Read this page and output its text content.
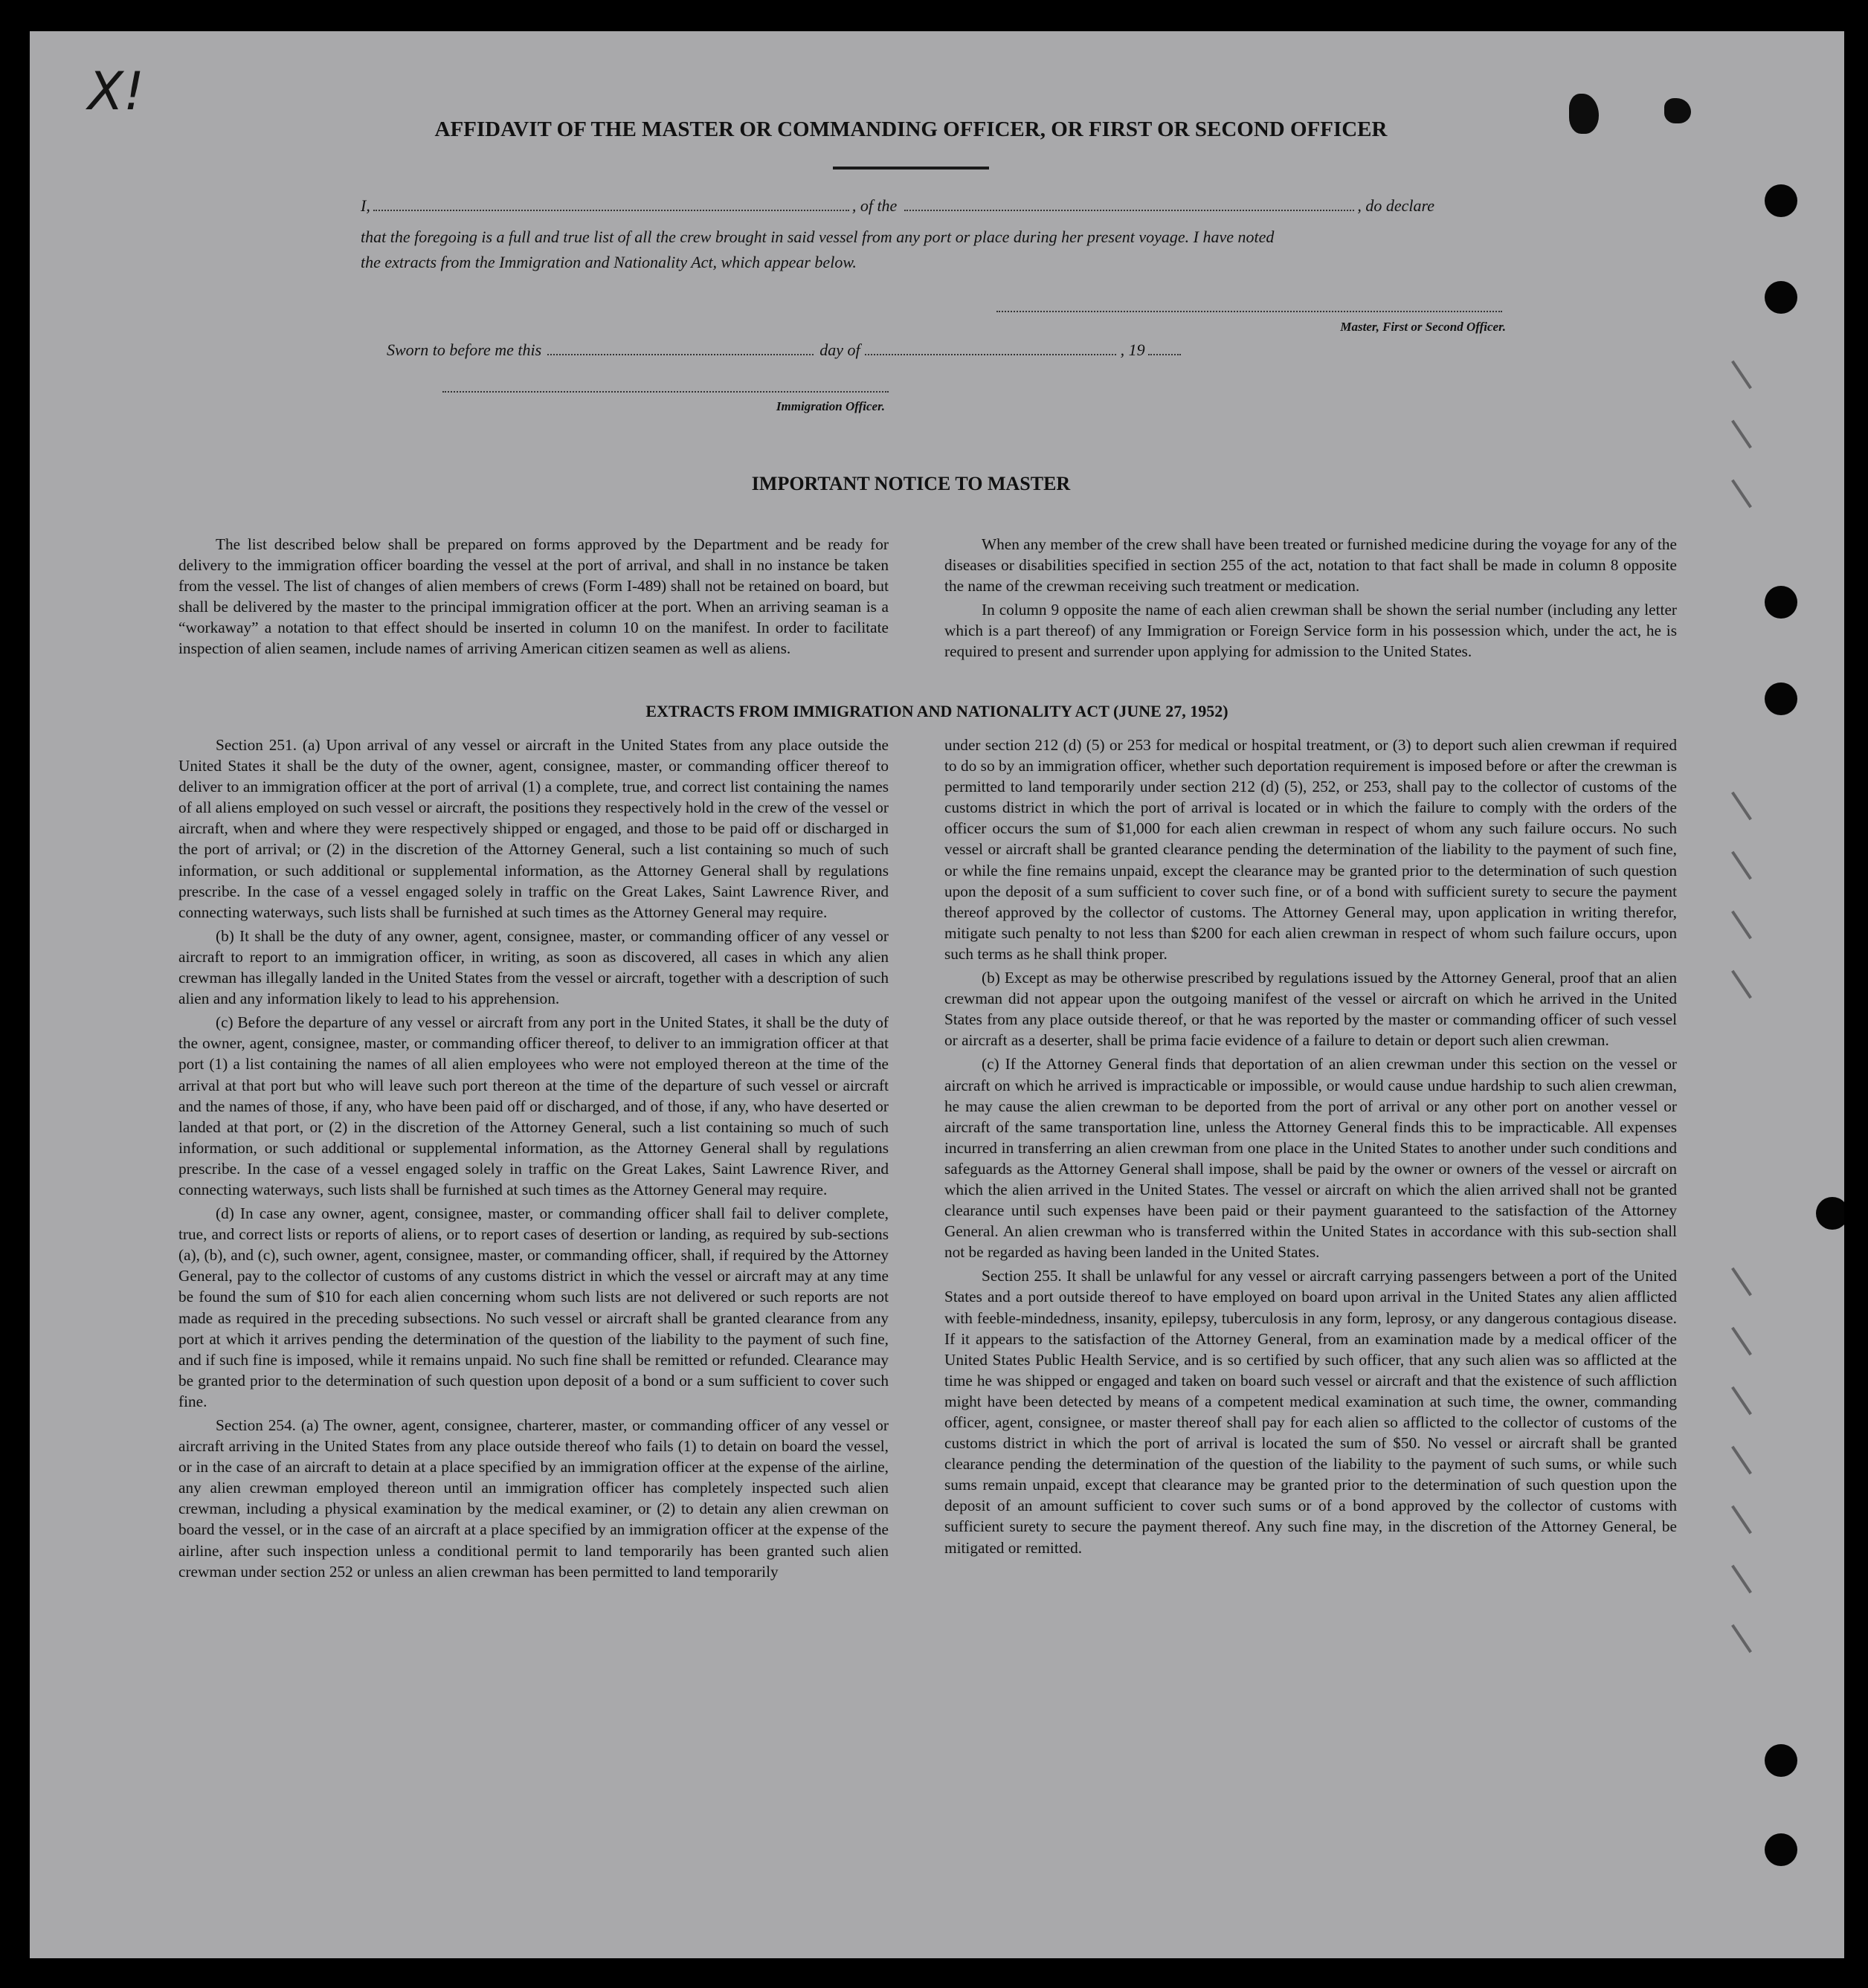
X!
AFFIDAVIT OF THE MASTER OR COMMANDING OFFICER, OR FIRST OR SECOND OFFICER
I,	, of the	, do declare
that the foregoing is a full and true list of all the crew brought in said vessel from any port or place during her present voyage. I have noted
the extracts from the Immigration and Nationality Act, which appear below.
Master, First or Second Officer.
Sworn to before me this	day of	, 19
Immigration Officer.
IMPORTANT NOTICE TO MASTER

The list described below shall be prepared on forms approved by the Department and be ready for delivery to the immigration officer boarding the vessel at the port of arrival, and shall in no instance be taken from the vessel. The list of changes of alien members of crews (Form I-489) shall not be retained on board, but shall be delivered by the master to the principal immigration officer at the port. When an arriving seaman is a “workaway” a notation to that effect should be inserted in column 10 on the manifest. In order to facilitate inspection of alien seamen, include names of arriving American citizen seamen as well as aliens.

When any member of the crew shall have been treated or furnished medicine during the voyage for any of the diseases or disabilities specified in section 255 of the act, notation to that fact shall be made in column 8 opposite the name of the crewman receiving such treatment or medication.

In column 9 opposite the name of each alien crewman shall be shown the serial number (including any letter which is a part thereof) of any Immigration or Foreign Service form in his possession which, under the act, he is required to present and surrender upon applying for admission to the United States.

EXTRACTS FROM IMMIGRATION AND NATIONALITY ACT (JUNE 27, 1952)

Section 251. (a) Upon arrival of any vessel or aircraft in the United States from any place outside the United States it shall be the duty of the owner, agent, consignee, master, or commanding officer thereof to deliver to an immigration officer at the port of arrival (1) a complete, true, and correct list containing the names of all aliens employed on such vessel or aircraft, the positions they respectively hold in the crew of the vessel or aircraft, when and where they were respectively shipped or engaged, and those to be paid off or discharged in the port of arrival; or (2) in the discretion of the Attorney General, such a list containing so much of such information, or such additional or supplemental information, as the Attorney General shall by regulations prescribe. In the case of a vessel engaged solely in traffic on the Great Lakes, Saint Lawrence River, and connecting waterways, such lists shall be furnished at such times as the Attorney General may require.

(b) It shall be the duty of any owner, agent, consignee, master, or commanding officer of any vessel or aircraft to report to an immigration officer, in writing, as soon as discovered, all cases in which any alien crewman has illegally landed in the United States from the vessel or aircraft, together with a description of such alien and any information likely to lead to his apprehension.

(c) Before the departure of any vessel or aircraft from any port in the United States, it shall be the duty of the owner, agent, consignee, master, or commanding officer thereof, to deliver to an immigration officer at that port (1) a list containing the names of all alien employees who were not employed thereon at the time of the arrival at that port but who will leave such port thereon at the time of the departure of such vessel or aircraft and the names of those, if any, who have been paid off or discharged, and of those, if any, who have deserted or landed at that port, or (2) in the discretion of the Attorney General, such a list containing so much of such information, or such additional or supplemental information, as the Attorney General shall by regulations prescribe. In the case of a vessel engaged solely in traffic on the Great Lakes, Saint Lawrence River, and connecting waterways, such lists shall be furnished at such times as the Attorney General may require.

(d) In case any owner, agent, consignee, master, or commanding officer shall fail to deliver complete, true, and correct lists or reports of aliens, or to report cases of desertion or landing, as required by sub-sections (a), (b), and (c), such owner, agent, consignee, master, or commanding officer, shall, if required by the Attorney General, pay to the collector of customs of any customs district in which the vessel or aircraft may at any time be found the sum of $10 for each alien concerning whom such lists are not delivered or such reports are not made as required in the preceding subsections. No such vessel or aircraft shall be granted clearance from any port at which it arrives pending the determination of the question of the liability to the payment of such fine, and if such fine is imposed, while it remains unpaid. No such fine shall be remitted or refunded. Clearance may be granted prior to the determination of such question upon deposit of a bond or a sum sufficient to cover such fine.

Section 254. (a) The owner, agent, consignee, charterer, master, or commanding officer of any vessel or aircraft arriving in the United States from any place outside thereof who fails (1) to detain on board the vessel, or in the case of an aircraft to detain at a place specified by an immigration officer at the expense of the airline, any alien crewman employed thereon until an immigration officer has completely inspected such alien crewman, including a physical examination by the medical examiner, or (2) to detain any alien crewman on board the vessel, or in the case of an aircraft at a place specified by an immigration officer at the expense of the airline, after such inspection unless a conditional permit to land temporarily has been granted such alien crewman under section 252 or unless an alien crewman has been permitted to land temporarily

under section 212 (d) (5) or 253 for medical or hospital treatment, or (3) to deport such alien crewman if required to do so by an immigration officer, whether such deportation requirement is imposed before or after the crewman is permitted to land temporarily under section 212 (d) (5), 252, or 253, shall pay to the collector of customs of the customs district in which the port of arrival is located or in which the failure to comply with the orders of the officer occurs the sum of $1,000 for each alien crewman in respect of whom any such failure occurs. No such vessel or aircraft shall be granted clearance pending the determination of the liability to the payment of such fine, or while the fine remains unpaid, except the clearance may be granted prior to the determination of such question upon the deposit of a sum sufficient to cover such fine, or of a bond with sufficient surety to secure the payment thereof approved by the collector of customs. The Attorney General may, upon application in writing therefor, mitigate such penalty to not less than $200 for each alien crewman in respect of whom such failure occurs, upon such terms as he shall think proper.

(b) Except as may be otherwise prescribed by regulations issued by the Attorney General, proof that an alien crewman did not appear upon the outgoing manifest of the vessel or aircraft on which he arrived in the United States from any place outside thereof, or that he was reported by the master or commanding officer of such vessel or aircraft as a deserter, shall be prima facie evidence of a failure to detain or deport such alien crewman.

(c) If the Attorney General finds that deportation of an alien crewman under this section on the vessel or aircraft on which he arrived is impracticable or impossible, or would cause undue hardship to such alien crewman, he may cause the alien crewman to be deported from the port of arrival or any other port on another vessel or aircraft of the same transportation line, unless the Attorney General finds this to be impracticable. All expenses incurred in transferring an alien crewman from one place in the United States to another under such conditions and safeguards as the Attorney General shall impose, shall be paid by the owner or owners of the vessel or aircraft on which the alien arrived in the United States. The vessel or aircraft on which the alien arrived shall not be granted clearance until such expenses have been paid or their payment guaranteed to the satisfaction of the Attorney General. An alien crewman who is transferred within the United States in accordance with this sub-section shall not be regarded as having been landed in the United States.

Section 255. It shall be unlawful for any vessel or aircraft carrying passengers between a port of the United States and a port outside thereof to have employed on board upon arrival in the United States any alien afflicted with feeble-mindedness, insanity, epilepsy, tuberculosis in any form, leprosy, or any dangerous contagious disease. If it appears to the satisfaction of the Attorney General, from an examination made by a medical officer of the United States Public Health Service, and is so certified by such officer, that any such alien was so afflicted at the time he was shipped or engaged and taken on board such vessel or aircraft and that the existence of such affliction might have been detected by means of a competent medical examination at such time, the owner, commanding officer, agent, consignee, or master thereof shall pay for each alien so afflicted to the collector of customs of the customs district in which the port of arrival is located the sum of $50. No vessel or aircraft shall be granted clearance pending the determination of the question of the liability to the payment of such sums, or while such sums remain unpaid, except that clearance may be granted prior to the determination of such question upon the deposit of an amount sufficient to cover such sums or of a bond approved by the collector of customs with sufficient surety to secure the payment thereof. Any such fine may, in the discretion of the Attorney General, be mitigated or remitted.
